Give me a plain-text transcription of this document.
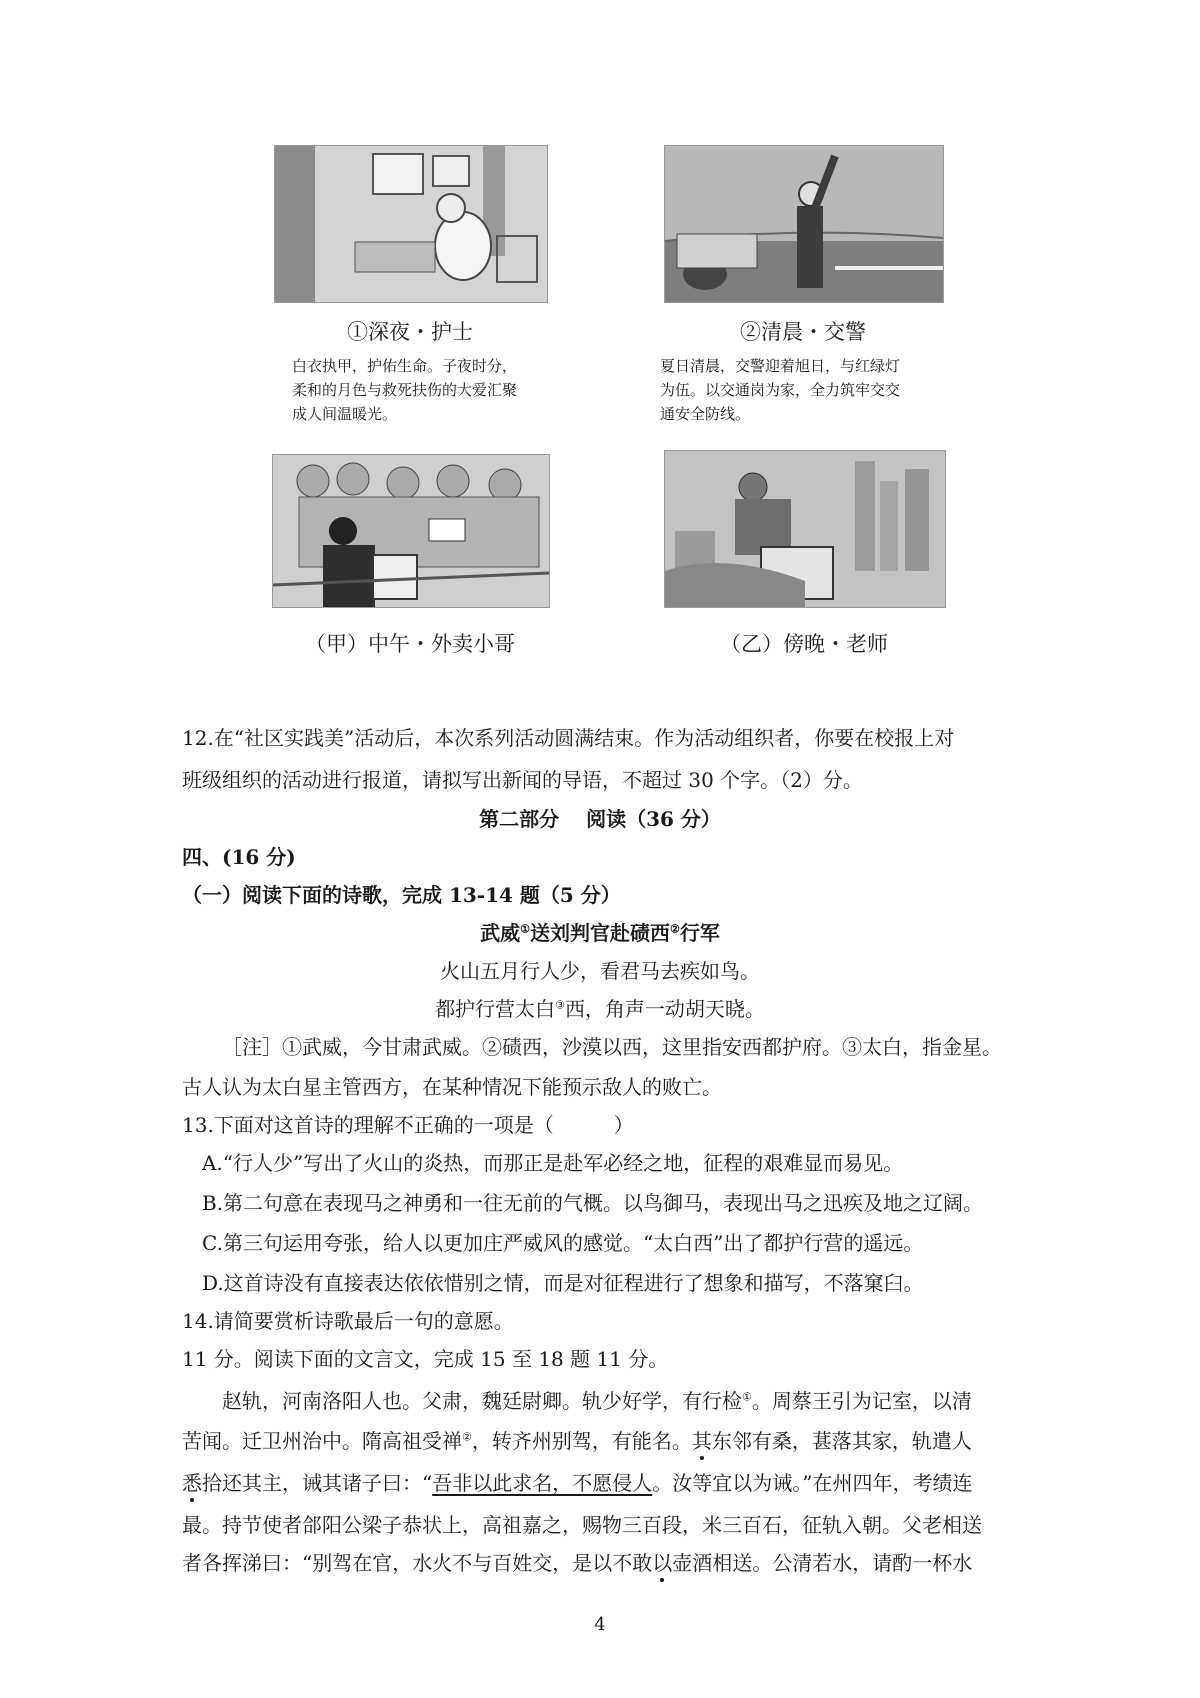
①深夜・护士
白衣执甲，护佑生命。子夜时分，
柔和的月色与救死扶伤的大爱汇聚
成人间温暖光。
②清晨・交警
夏日清晨，交警迎着旭日，与红绿灯
为伍。以交通岗为家，全力筑牢交交
通安全防线。
（甲）中午・外卖小哥	（乙）傍晚・老师
12.在“社区实践美”活动后，本次系列活动圆满结束。作为活动组织者，你要在校报上对
班级组织的活动进行报道，请拟写出新闻的导语，不超过 30 个字。（2）分。
第二部分　 阅读（36 分）
四、(16 分)
（一）阅读下面的诗歌，完成 13-14 题（5 分）
武威①送刘判官赴碛西②行军
火山五月行人少，看君马去疾如鸟。
都护行营太白③西，角声一动胡天晓。
［注］①武威，今甘肃武威。②碛西，沙漠以西，这里指安西都护府。③太白，指金星。
古人认为太白星主管西方，在某种情况下能预示敌人的败亡。
13.下面对这首诗的理解不正确的一项是（　　　）
A.“行人少”写出了火山的炎热，而那正是赴军必经之地，征程的艰难显而易见。
B.第二句意在表现马之神勇和一往无前的气概。以鸟御马，表现出马之迅疾及地之辽阔。
C.第三句运用夸张，给人以更加庄严威风的感觉。“太白西”出了都护行营的遥远。
D.这首诗没有直接表达依依惜别之情，而是对征程进行了想象和描写，不落窠臼。
14.请简要赏析诗歌最后一句的意愿。
11 分。阅读下面的文言文，完成 15 至 18 题 11 分。
赵轨，河南洛阳人也。父肃，魏廷尉卿。轨少好学，有行检①。周蔡王引为记室，以清
苦闻。迁卫州治中。隋高祖受禅②，转齐州别驾，有能名。其东邻有桑，葚落其家，轨遣人
悉拾还其主，诫其诸子曰：“吾非以此求名，不愿侵人。汝等宜以为诫。”在州四年，考绩连
最。持节使者郃阳公梁子恭状上，高祖嘉之，赐物三百段，米三百石，征轨入朝。父老相送
者各挥涕曰：“别驾在官，水火不与百姓交，是以不敢以壶酒相送。公清若水，请酌一杯水
4
